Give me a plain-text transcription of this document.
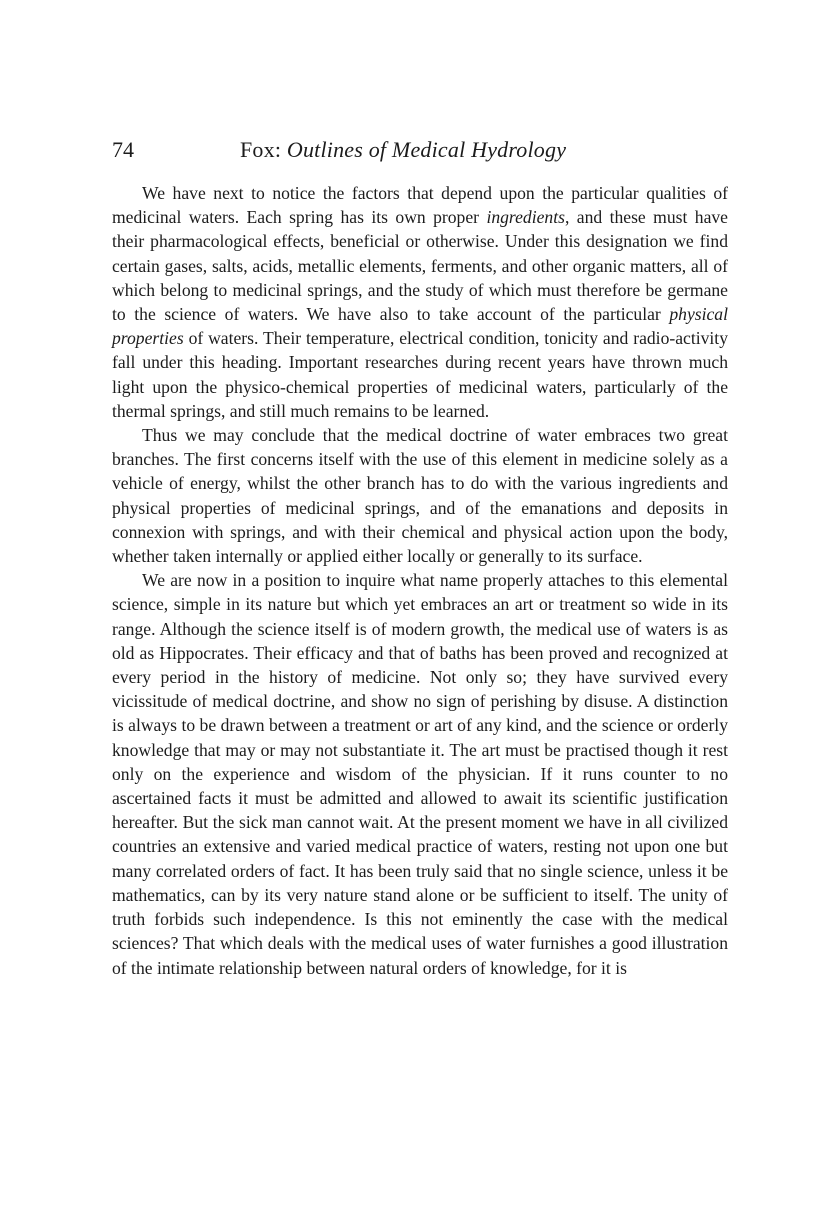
74	Fox: Outlines of Medical Hydrology

We have next to notice the factors that depend upon the particular qualities of medicinal waters. Each spring has its own proper ingredients, and these must have their pharmacological effects, beneficial or otherwise. Under this designation we find certain gases, salts, acids, metallic elements, ferments, and other organic matters, all of which belong to medicinal springs, and the study of which must therefore be germane to the science of waters. We have also to take account of the particular physical properties of waters. Their temperature, electrical condition, tonicity and radio-activity fall under this heading. Important researches during recent years have thrown much light upon the physico-chemical properties of medicinal waters, particularly of the thermal springs, and still much remains to be learned.

Thus we may conclude that the medical doctrine of water embraces two great branches. The first concerns itself with the use of this element in medicine solely as a vehicle of energy, whilst the other branch has to do with the various ingredients and physical properties of medicinal springs, and of the emanations and deposits in connexion with springs, and with their chemical and physical action upon the body, whether taken internally or applied either locally or generally to its surface.

We are now in a position to inquire what name properly attaches to this elemental science, simple in its nature but which yet embraces an art or treatment so wide in its range. Although the science itself is of modern growth, the medical use of waters is as old as Hippocrates. Their efficacy and that of baths has been proved and recognized at every period in the history of medicine. Not only so; they have survived every vicissitude of medical doctrine, and show no sign of perishing by disuse. A distinction is always to be drawn between a treatment or art of any kind, and the science or orderly knowledge that may or may not substantiate it. The art must be practised though it rest only on the experience and wisdom of the physician. If it runs counter to no ascertained facts it must be admitted and allowed to await its scientific justification hereafter. But the sick man cannot wait. At the present moment we have in all civilized countries an extensive and varied medical practice of waters, resting not upon one but many correlated orders of fact. It has been truly said that no single science, unless it be mathematics, can by its very nature stand alone or be sufficient to itself. The unity of truth forbids such independence. Is this not eminently the case with the medical sciences? That which deals with the medical uses of water furnishes a good illustration of the intimate relationship between natural orders of knowledge, for it is
